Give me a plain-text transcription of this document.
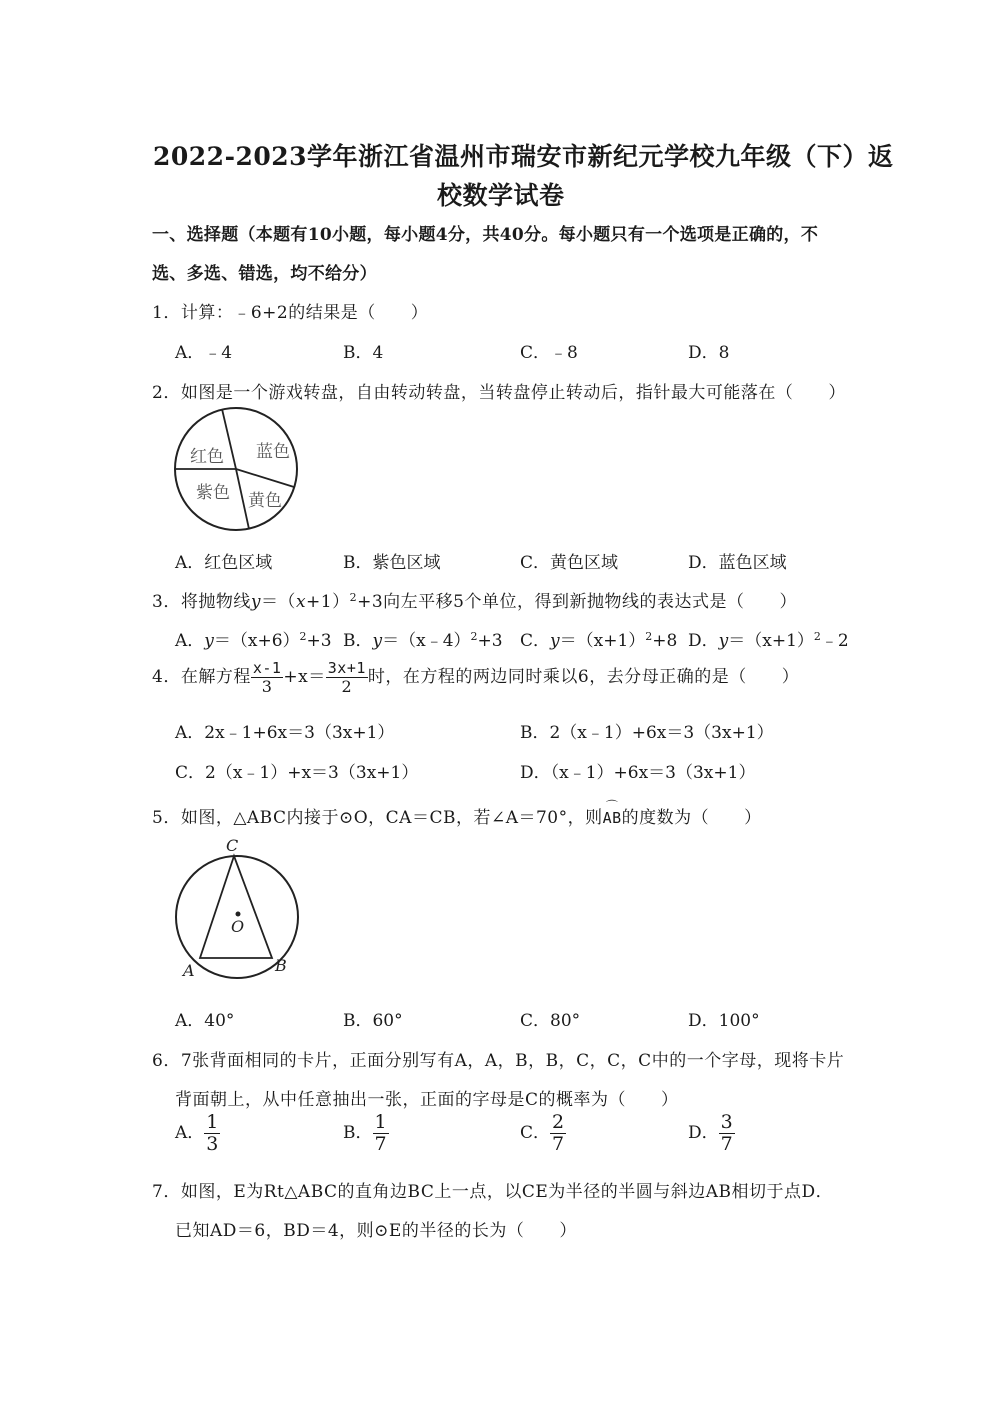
2022-2023学年浙江省温州市瑞安市新纪元学校九年级（下）返
校数学试卷
一、选择题（本题有10小题，每小题4分，共40分。每小题只有一个选项是正确的，不
选、多选、错选，均不给分）
1．计算：﹣6+2的结果是（　　）
A．﹣4	B．4	C．﹣8	D．8
2．如图是一个游戏转盘，自由转动转盘，当转盘停止转动后，指针最大可能落在（　　）
红色 蓝色
紫色 黄色
A．红色区域	B．紫色区域	C．黄色区域	D．蓝色区域
3．将抛物线$y=(x+1)^2+3$向左平移5个单位，得到新抛物线的表达式是（　　）
A．$y=(x+6)^2+3$ B．y＝（x﹣4）$^2$+3 C．$y=(x+1)^2+8$ D．$y=(x+1)^2﹣2$
4．在解方程 $\frac{x-1}{3} +x= \frac{3x+1}{2}$ 时，在方程的两边同时乘以6，去分母正确的是（　　）
A．2x﹣1+6x＝3（3x+1）	B．2（x﹣1）+6x＝3（3x+1）
C．2（x﹣1）+x＝3（3x+1）	D．（x﹣1）+6x＝3（3x+1）
5．如图，△ABC内接于⊙O，CA＝CB，若∠A＝70°，则
⌒
AB的度数为（　　）
C
O
A	B
A．40°	B．60°	C．80°	D．100°
6．7张背面相同的卡片，正面分别写有A，A，B，B，C，C，C中的一个字母，现将卡片
背面朝上，从中任意抽出一张，正面的字母是C的概率为（　　）
A． $\frac{1}{3}$	B． $\frac{1}{7}$	C． $\frac{2}{7}$	D． $\frac{3}{7}$
7．如图，E为Rt△ABC的直角边BC上一点，以CE为半径的半圆与斜边AB相切于点D．
已知AD＝6，BD＝4，则⊙E的半径的长为（　　）
